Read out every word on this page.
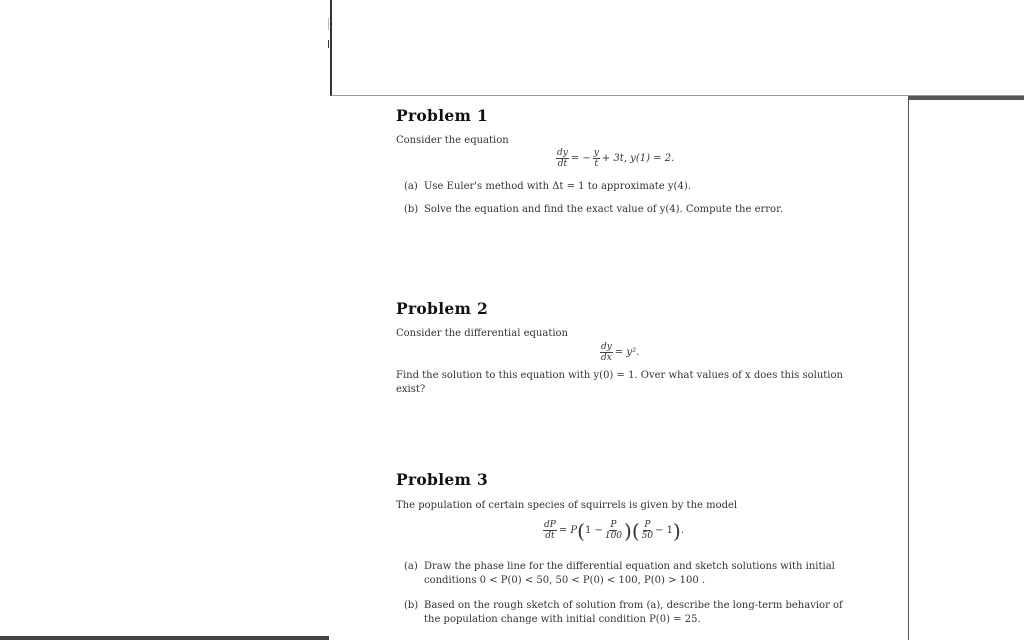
Problem 1
Consider the equation
$\frac{dy}{dt}$ = − $\frac{y}{t} + 3t$, y(1) = 2.
(a) Use Euler's method with Δt = 1 to approximate y(4).
(b) Solve the equation and find the exact value of y(4). Compute the error.
Problem 2
Consider the differential equation
$\frac{dy}{dx} = y^2$.
Find the solution to this equation with y(0) = 1. Over what values of x does this solution exist?
Problem 3
The population of certain species of squirrels is given by the model
$\frac{dP}{dt} = P$ ( $1 - \frac{P}{100}$ ) ( $\frac{P}{50} - 1$ ) .
(a) Draw the phase line for the differential equation and sketch solutions with initial conditions 0 < P(0) < 50, 50 < P(0) < 100, P(0) > 100 .
(b) Based on the rough sketch of solution from (a), describe the long-term behavior of the population change with initial condition P(0) = 25.
